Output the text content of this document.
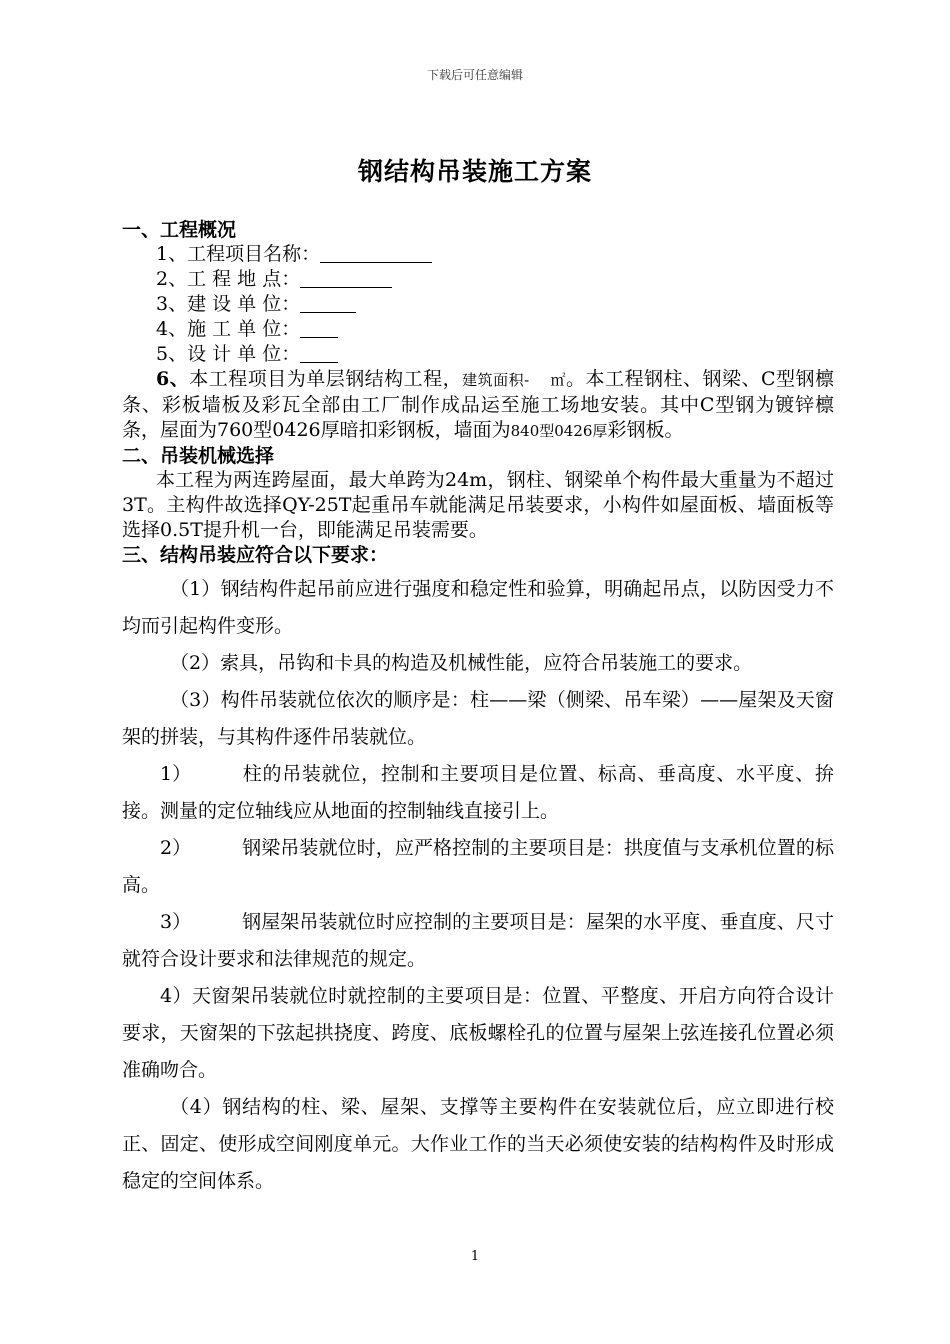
下载后可任意编辑
钢结构吊装施工方案
一、工程概况
1、工程项目名称：
2、工 程 地 点：
3、建 设 单 位：
4、施 工 单 位：
5、设 计 单 位：

6、本工程项目为单层钢结构工程，建筑面积-　 ㎡。本工程钢柱、钢梁、C型钢檩条、彩板墙板及彩瓦全部由工厂制作成品运至施工场地安装。其中C型钢为镀锌檩条，屋面为760型0426厚暗扣彩钢板，墙面为840型0426厚彩钢板。

二、吊装机械选择

本工程为两连跨屋面，最大单跨为24m，钢柱、钢梁单个构件最大重量为不超过3T。主构件故选择QY-25T起重吊车就能满足吊装要求，小构件如屋面板、墙面板等选择0.5T提升机一台，即能满足吊装需要。

三、结构吊装应符合以下要求：

（1）钢结构件起吊前应进行强度和稳定性和验算，明确起吊点，以防因受力不均而引起构件变形。

（2）索具，吊钩和卡具的构造及机械性能，应符合吊装施工的要求。

（3）构件吊装就位依次的顺序是：柱——梁（侧梁、吊车梁）——屋架及天窗架的拼装，与其构件逐件吊装就位。

1）	柱的吊装就位，控制和主要项目是位置、标高、垂高度、水平度、拚接。测量的定位轴线应从地面的控制轴线直接引上。

2）	钢梁吊装就位时，应严格控制的主要项目是：拱度值与支承机位置的标高。

3）	钢屋架吊装就位时应控制的主要项目是：屋架的水平度、垂直度、尺寸就符合设计要求和法律规范的规定。

4）天窗架吊装就位时就控制的主要项目是：位置、平整度、开启方向符合设计要求，天窗架的下弦起拱挠度、跨度、底板螺栓孔的位置与屋架上弦连接孔位置必须准确吻合。

（4）钢结构的柱、梁、屋架、支撑等主要构件在安装就位后，应立即进行校正、固定、使形成空间刚度单元。大作业工作的当天必须使安装的结构构件及时形成稳定的空间体系。

1
